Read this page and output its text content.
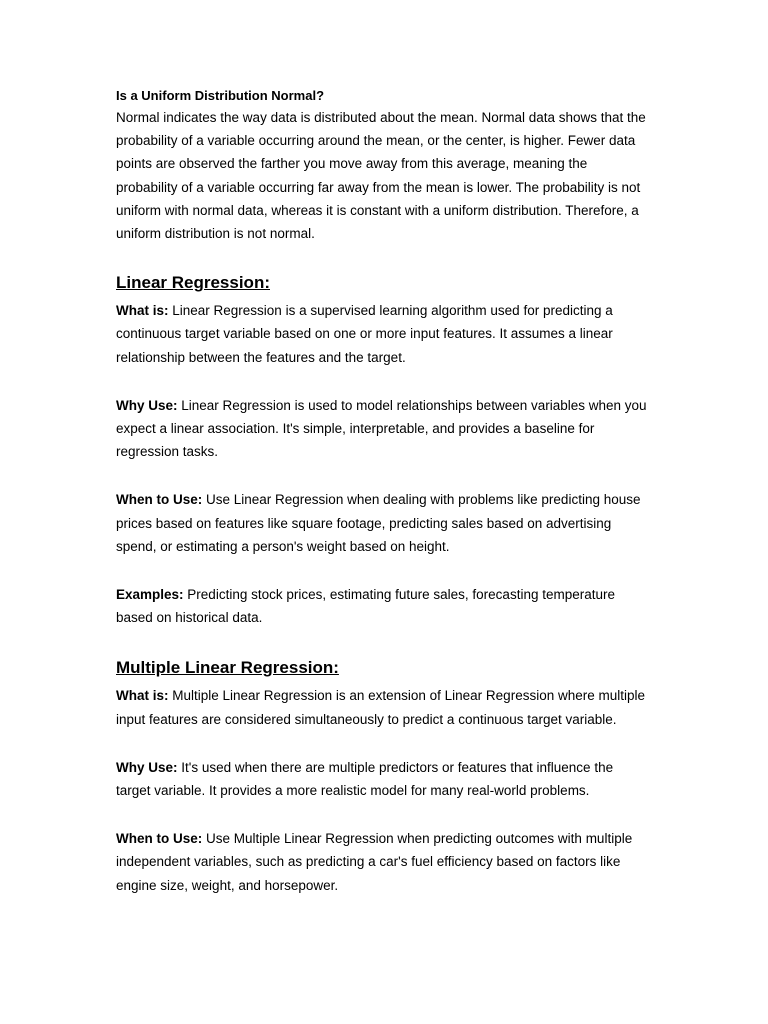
Is a Uniform Distribution Normal?

Normal indicates the way data is distributed about the mean. Normal data shows that the
probability of a variable occurring around the mean, or the center, is higher. Fewer data
points are observed the farther you move away from this average, meaning the
probability of a variable occurring far away from the mean is lower. The probability is not
uniform with normal data, whereas it is constant with a uniform distribution. Therefore, a
uniform distribution is not normal.

Linear Regression:

What is: Linear Regression is a supervised learning algorithm used for predicting a
continuous target variable based on one or more input features. It assumes a linear
relationship between the features and the target.

Why Use: Linear Regression is used to model relationships between variables when you
expect a linear association. It's simple, interpretable, and provides a baseline for
regression tasks.

When to Use: Use Linear Regression when dealing with problems like predicting house
prices based on features like square footage, predicting sales based on advertising
spend, or estimating a person's weight based on height.

Examples: Predicting stock prices, estimating future sales, forecasting temperature
based on historical data.

Multiple Linear Regression:

What is: Multiple Linear Regression is an extension of Linear Regression where multiple
input features are considered simultaneously to predict a continuous target variable.

Why Use: It's used when there are multiple predictors or features that influence the
target variable. It provides a more realistic model for many real-world problems.

When to Use: Use Multiple Linear Regression when predicting outcomes with multiple
independent variables, such as predicting a car's fuel efficiency based on factors like
engine size, weight, and horsepower.
